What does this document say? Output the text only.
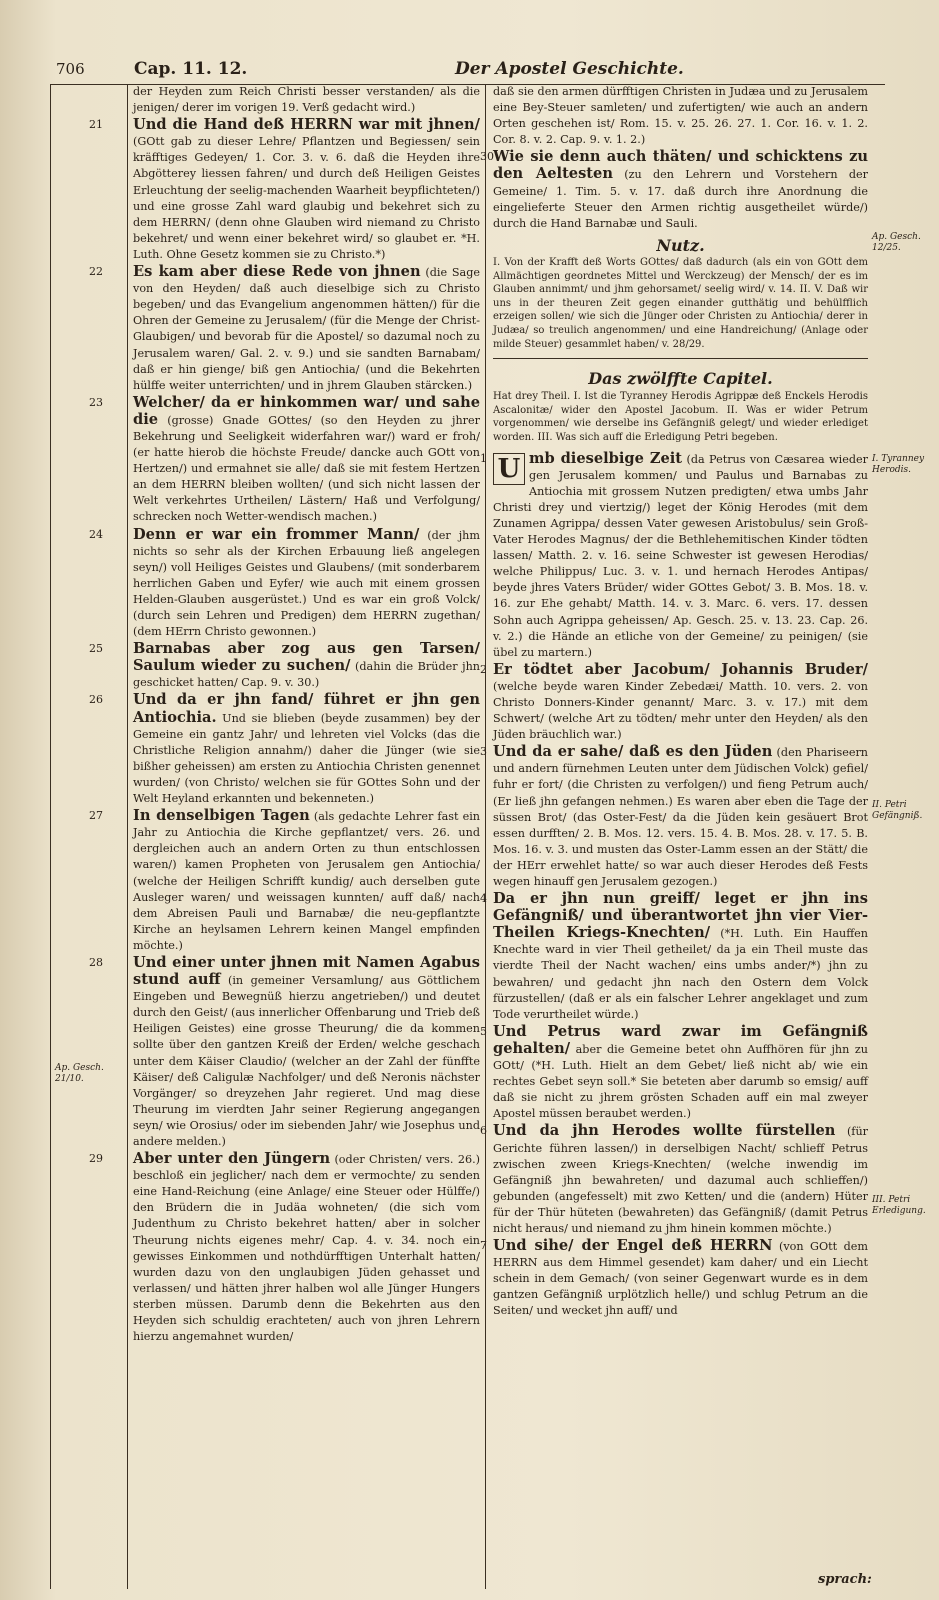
706	Cap. 11. 12.	Der Apostel Geschichte.
Ap. Gesch. 21/10.

der Heyden zum Reich Christi besser verstanden/ als die jenigen/ derer im vorigen 19. Verß gedacht wird.)

21 Und die Hand deß HERRN war mit jhnen/ (GOtt gab zu dieser Lehre/ Pflantzen und Begiessen/ sein kräfftiges Gedeyen/ 1. Cor. 3. v. 6. daß die Heyden ihre Abgötterey liessen fahren/ und durch deß Heiligen Geistes Erleuchtung der seelig-machenden Waarheit beypflichteten/) und eine grosse Zahl ward glaubig und bekehret sich zu dem HERRN/ (denn ohne Glauben wird niemand zu Christo bekehret/ und wenn einer bekehret wird/ so glaubet er. *H. Luth. Ohne Gesetz kommen sie zu Christo.*)

22 Es kam aber diese Rede von jhnen (die Sage von den Heyden/ daß auch dieselbige sich zu Christo begeben/ und das Evangelium angenommen hätten/) für die Ohren der Gemeine zu Jerusalem/ (für die Menge der Christ-Glaubigen/ und bevorab für die Apostel/ so dazumal noch zu Jerusalem waren/ Gal. 2. v. 9.) und sie sandten Barnabam/ daß er hin gienge/ biß gen Antiochia/ (und die Bekehrten hülffe weiter unterrichten/ und in jhrem Glauben stärcken.)

23 Welcher/ da er hinkommen war/ und sahe die (grosse) Gnade GOttes/ (so den Heyden zu jhrer Bekehrung und Seeligkeit widerfahren war/) ward er froh/ (er hatte hierob die höchste Freude/ dancke auch GOtt von Hertzen/) und ermahnet sie alle/ daß sie mit festem Hertzen an dem HERRN bleiben wollten/ (und sich nicht lassen der Welt verkehrtes Urtheilen/ Lästern/ Haß und Verfolgung/ schrecken noch Wetter-wendisch machen.)

24 Denn er war ein frommer Mann/ (der jhm nichts so sehr als der Kirchen Erbauung ließ angelegen seyn/) voll Heiliges Geistes und Glaubens/ (mit sonderbarem herrlichen Gaben und Eyfer/ wie auch mit einem grossen Helden-Glauben ausgerüstet.) Und es war ein groß Volck/ (durch sein Lehren und Predigen) dem HERRN zugethan/ (dem HErrn Christo gewonnen.)

25 Barnabas aber zog aus gen Tarsen/ Saulum wieder zu suchen/ (dahin die Brüder jhn geschicket hatten/ Cap. 9. v. 30.)

26 Und da er jhn fand/ führet er jhn gen Antiochia. Und sie blieben (beyde zusammen) bey der Gemeine ein gantz Jahr/ und lehreten viel Volcks (das die Christliche Religion annahm/) daher die Jünger (wie sie bißher geheissen) am ersten zu Antiochia Christen genennet wurden/ (von Christo/ welchen sie für GOttes Sohn und der Welt Heyland erkannten und bekenneten.)

27 In denselbigen Tagen (als gedachte Lehrer fast ein Jahr zu Antiochia die Kirche gepflantzet/ vers. 26. und dergleichen auch an andern Orten zu thun entschlossen waren/) kamen Propheten von Jerusalem gen Antiochia/ (welche der Heiligen Schrifft kundig/ auch derselben gute Ausleger waren/ und weissagen kunnten/ auff daß/ nach dem Abreisen Pauli und Barnabæ/ die neu-gepflantzte Kirche an heylsamen Lehrern keinen Mangel empfinden möchte.)

28 Und einer unter jhnen mit Namen Agabus stund auff (in gemeiner Versamlung/ aus Göttlichem Eingeben und Bewegnüß hierzu angetrieben/) und deutet durch den Geist/ (aus innerlicher Offenbarung und Trieb deß Heiligen Geistes) eine grosse Theurung/ die da kommen sollte über den gantzen Kreiß der Erden/ welche geschach unter dem Käiser Claudio/ (welcher an der Zahl der fünffte Käiser/ deß Caligulæ Nachfolger/ und deß Neronis nächster Vorgänger/ so dreyzehen Jahr regieret. Und mag diese Theurung im vierdten Jahr seiner Regierung angegangen seyn/ wie Orosius/ oder im siebenden Jahr/ wie Josephus und andere melden.)

29 Aber unter den Jüngern (oder Christen/ vers. 26.) beschloß ein jeglicher/ nach dem er vermochte/ zu senden eine Hand-Reichung (eine Anlage/ eine Steuer oder Hülffe/) den Brüdern die in Judäa wohneten/ (die sich vom Judenthum zu Christo bekehret hatten/ aber in solcher Theurung nichts eigenes mehr/ Cap. 4. v. 34. noch ein gewisses Einkommen und nothdürfftigen Unterhalt hatten/ wurden dazu von den unglaubigen Jüden gehasset und verlassen/ und hätten jhrer halben wol alle Jünger Hungers sterben müssen. Darumb denn die Bekehrten aus den Heyden sich schuldig erachteten/ auch von jhren Lehrern hierzu angemahnet wurden/

daß sie den armen dürfftigen Christen in Judæa und zu Jerusalem eine Bey-Steuer samleten/ und zufertigten/ wie auch an andern Orten geschehen ist/ Rom. 15. v. 25. 26. 27. 1. Cor. 16. v. 1. 2. Cor. 8. v. 2. Cap. 9. v. 1. 2.)

30 Wie sie denn auch thäten/ und schicktens zu den Aeltesten (zu den Lehrern und Vorstehern der Gemeine/ 1. Tim. 5. v. 17. daß durch ihre Anordnung die eingelieferte Steuer den Armen richtig ausgetheilet würde/) durch die Hand Barnabæ und Sauli.

Nutz.

I. Von der Krafft deß Worts GOttes/ daß dadurch (als ein von GOtt dem Allmächtigen geordnetes Mittel und Werckzeug) der Mensch/ der es im Glauben annimmt/ und jhm gehorsamet/ seelig wird/ v. 14. II. V. Daß wir uns in der theuren Zeit gegen einander gutthätig und behülfflich erzeigen sollen/ wie sich die Jünger oder Christen zu Antiochia/ derer in Judæa/ so treulich angenommen/ und eine Handreichung/ (Anlage oder milde Steuer) gesammlet haben/ v. 28/29.

Das zwölffte Capitel.

Hat drey Theil. I. Ist die Tyranney Herodis Agrippæ deß Enckels Herodis Ascalonitæ/ wider den Apostel Jacobum. II. Was er wider Petrum vorgenommen/ wie derselbe ins Gefängniß gelegt/ und wieder erlediget worden. III. Was sich auff die Erledigung Petri begeben.

1 U mb dieselbige Zeit (da Petrus von Cæsarea wieder gen Jerusalem kommen/ und Paulus und Barnabas zu Antiochia mit grossem Nutzen predigten/ etwa umbs Jahr Christi drey und viertzig/) leget der König Herodes (mit dem Zunamen Agrippa/ dessen Vater gewesen Aristobulus/ sein Groß-Vater Herodes Magnus/ der die Bethlehemitischen Kinder tödten lassen/ Matth. 2. v. 16. seine Schwester ist gewesen Herodias/ welche Philippus/ Luc. 3. v. 1. und hernach Herodes Antipas/ beyde jhres Vaters Brüder/ wider GOttes Gebot/ 3. B. Mos. 18. v. 16. zur Ehe gehabt/ Matth. 14. v. 3. Marc. 6. vers. 17. dessen Sohn auch Agrippa geheissen/ Ap. Gesch. 25. v. 13. 23. Cap. 26. v. 2.) die Hände an etliche von der Gemeine/ zu peinigen/ (sie übel zu martern.)

2 Er tödtet aber Jacobum/ Johannis Bruder/ (welche beyde waren Kinder Zebedæi/ Matth. 10. vers. 2. von Christo Donners-Kinder genannt/ Marc. 3. v. 17.) mit dem Schwert/ (welche Art zu tödten/ mehr unter den Heyden/ als den Jüden bräuchlich war.)

3 Und da er sahe/ daß es den Jüden (den Phariseern und andern fürnehmen Leuten unter dem Jüdischen Volck) gefiel/ fuhr er fort/ (die Christen zu verfolgen/) und fieng Petrum auch/ (Er ließ jhn gefangen nehmen.) Es waren aber eben die Tage der süssen Brot/ (das Oster-Fest/ da die Jüden kein gesäuert Brot essen durfften/ 2. B. Mos. 12. vers. 15. 4. B. Mos. 28. v. 17. 5. B. Mos. 16. v. 3. und musten das Oster-Lamm essen an der Stätt/ die der HErr erwehlet hatte/ so war auch dieser Herodes deß Fests wegen hinauff gen Jerusalem gezogen.)

4 Da er jhn nun greiff/ leget er jhn ins Gefängniß/ und überantwortet jhn vier Vier-Theilen Kriegs-Knechten/ (*H. Luth. Ein Hauffen Knechte ward in vier Theil getheilet/ da ja ein Theil muste das vierdte Theil der Nacht wachen/ eins umbs ander/*) jhn zu bewahren/ und gedacht jhn nach den Ostern dem Volck fürzustellen/ (daß er als ein falscher Lehrer angeklaget und zum Tode verurtheilet würde.)

5 Und Petrus ward zwar im Gefängniß gehalten/ aber die Gemeine betet ohn Auffhören für jhn zu GOtt/ (*H. Luth. Hielt an dem Gebet/ ließ nicht ab/ wie ein rechtes Gebet seyn soll.* Sie beteten aber darumb so emsig/ auff daß sie nicht zu jhrem grösten Schaden auff ein mal zweyer Apostel müssen beraubet werden.)

6 Und da jhn Herodes wollte fürstellen (für Gerichte führen lassen/) in derselbigen Nacht/ schlieff Petrus zwischen zween Kriegs-Knechten/ (welche inwendig im Gefängniß jhn bewahreten/ und dazumal auch schlieffen/) gebunden (angefesselt) mit zwo Ketten/ und die (andern) Hüter für der Thür hüteten (bewahreten) das Gefängniß/ (damit Petrus nicht heraus/ und niemand zu jhm hinein kommen möchte.)

7 Und sihe/ der Engel deß HERRN (von GOtt dem HERRN aus dem Himmel gesendet) kam daher/ und ein Liecht schein in dem Gemach/ (von seiner Gegenwart wurde es in dem gantzen Gefängniß urplötzlich helle/) und schlug Petrum an die Seiten/ und wecket jhn auff/ und

Ap. Gesch. 12/25.
I. Tyranney Herodis.
II. Petri Gefängniß.
III. Petri Erledigung.
sprach:
